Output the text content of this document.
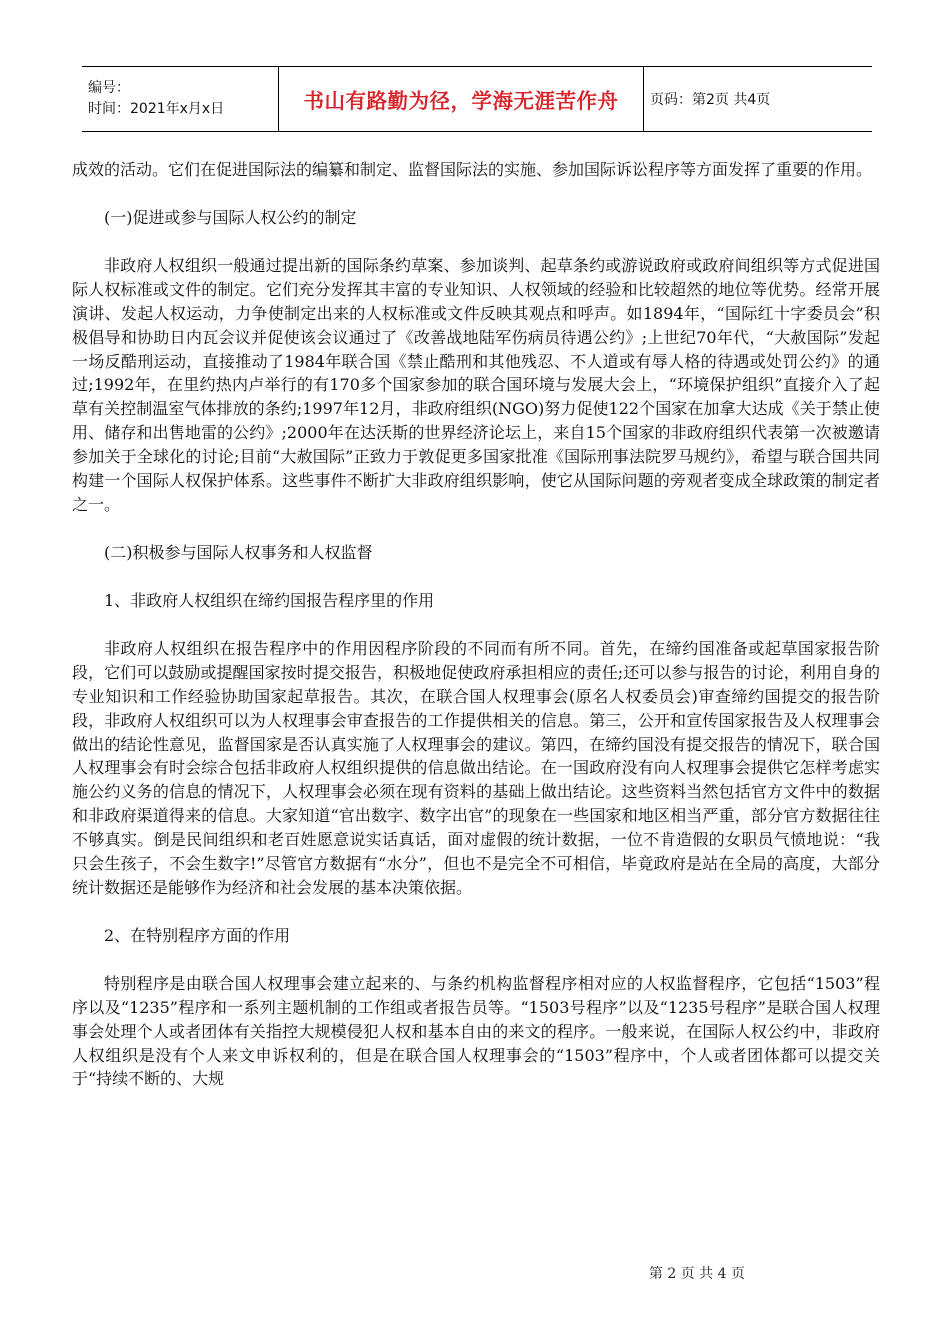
编号：
时间：2021年x月x日	书山有路勤为径，学海无涯苦作舟 页码：第2页 共4页

成效的活动。它们在促进国际法的编纂和制定、监督国际法的实施、参加国际诉讼程序等方面发挥了重要的作用。

(一)促进或参与国际人权公约的制定

非政府人权组织一般通过提出新的国际条约草案、参加谈判、起草条约或游说政府或政府间组织等方式促进国际人权标准或文件的制定。它们充分发挥其丰富的专业知识、人权领域的经验和比较超然的地位等优势。经常开展演讲、发起人权运动，力争使制定出来的人权标准或文件反映其观点和呼声。如1894年，“国际红十字委员会”积极倡导和协助日内瓦会议并促使该会议通过了《改善战地陆军伤病员待遇公约》;上世纪70年代，“大赦国际”发起一场反酷刑运动，直接推动了1984年联合国《禁止酷刑和其他残忍、不人道或有辱人格的待遇或处罚公约》的通过;1992年，在里约热内卢举行的有170多个国家参加的联合国环境与发展大会上，“环境保护组织”直接介入了起草有关控制温室气体排放的条约;1997年12月，非政府组织(NGO)努力促使122个国家在加拿大达成《关于禁止使用、储存和出售地雷的公约》;2000年在达沃斯的世界经济论坛上，来自15个国家的非政府组织代表第一次被邀请参加关于全球化的讨论;目前“大赦国际”正致力于敦促更多国家批准《国际刑事法院罗马规约》，希望与联合国共同构建一个国际人权保护体系。这些事件不断扩大非政府组织影响，使它从国际问题的旁观者变成全球政策的制定者之一。

(二)积极参与国际人权事务和人权监督

1、非政府人权组织在缔约国报告程序里的作用

非政府人权组织在报告程序中的作用因程序阶段的不同而有所不同。首先，在缔约国准备或起草国家报告阶段，它们可以鼓励或提醒国家按时提交报告，积极地促使政府承担相应的责任;还可以参与报告的讨论，利用自身的专业知识和工作经验协助国家起草报告。其次，在联合国人权理事会(原名人权委员会)审查缔约国提交的报告阶段，非政府人权组织可以为人权理事会审查报告的工作提供相关的信息。第三，公开和宣传国家报告及人权理事会做出的结论性意见，监督国家是否认真实施了人权理事会的建议。第四，在缔约国没有提交报告的情况下，联合国人权理事会有时会综合包括非政府人权组织提供的信息做出结论。在一国政府没有向人权理事会提供它怎样考虑实施公约义务的信息的情况下，人权理事会必须在现有资料的基础上做出结论。这些资料当然包括官方文件中的数据和非政府渠道得来的信息。大家知道“官出数字、数字出官”的现象在一些国家和地区相当严重，部分官方数据往往不够真实。倒是民间组织和老百姓愿意说实话真话，面对虚假的统计数据，一位不肯造假的女职员气愤地说：“我只会生孩子，不会生数字!”尽管官方数据有“水分”，但也不是完全不可相信，毕竟政府是站在全局的高度，大部分统计数据还是能够作为经济和社会发展的基本决策依据。

2、在特别程序方面的作用

特别程序是由联合国人权理事会建立起来的、与条约机构监督程序相对应的人权监督程序，它包括“1503”程序以及“1235”程序和一系列主题机制的工作组或者报告员等。“1503号程序”以及“1235号程序”是联合国人权理事会处理个人或者团体有关指控大规模侵犯人权和基本自由的来文的程序。一般来说，在国际人权公约中，非政府人权组织是没有个人来文申诉权利的，但是在联合国人权理事会的“1503”程序中，个人或者团体都可以提交关于“持续不断的、大规

第 2 页 共 4 页
